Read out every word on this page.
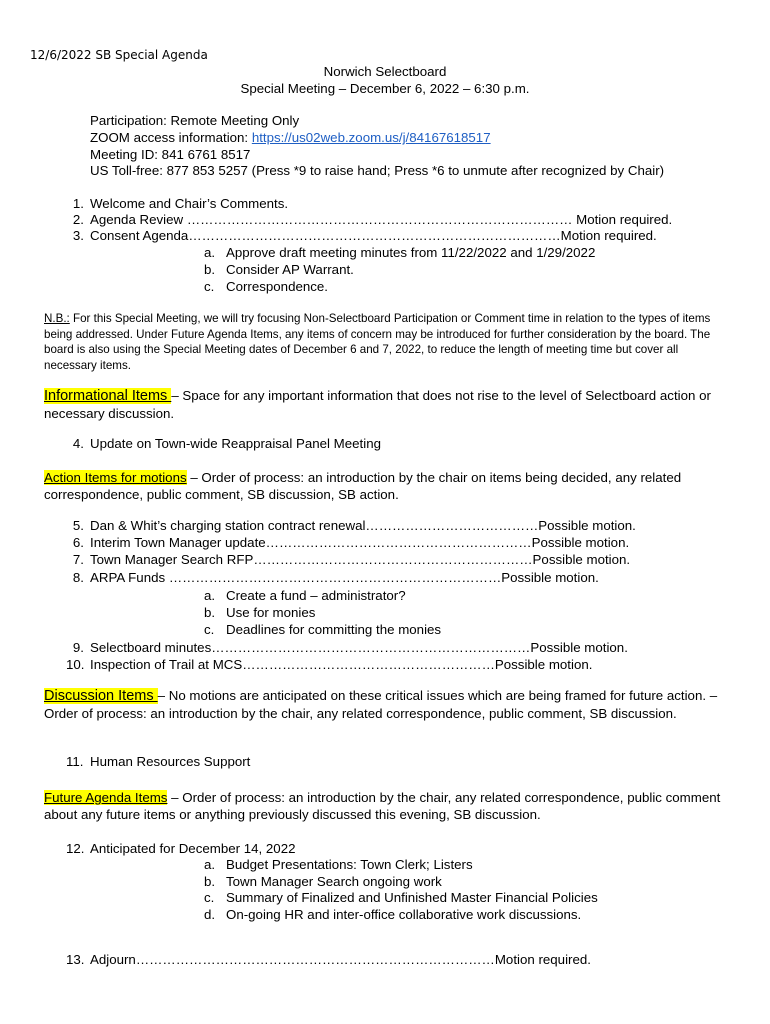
12/6/2022 SB Special Agenda
Norwich Selectboard
Special Meeting – December 6, 2022 – 6:30 p.m.
Participation: Remote Meeting Only
ZOOM access information: https://us02web.zoom.us/j/84167618517
Meeting ID: 841 6761 8517
US Toll-free: 877 853 5257 (Press *9 to raise hand; Press *6 to unmute after recognized by Chair)
1. Welcome and Chair’s Comments.
2. Agenda Review …………………………………………………………………………… Motion required.
3. Consent Agenda…………………………………………………………………………Motion required.
a. Approve draft meeting minutes from 11/22/2022 and 1/29/2022
b. Consider AP Warrant.
c. Correspondence.
N.B.: For this Special Meeting, we will try focusing Non-Selectboard Participation or Comment time in relation to the types of items being addressed. Under Future Agenda Items, any items of concern may be introduced for further consideration by the board. The board is also using the Special Meeting dates of December 6 and 7, 2022, to reduce the length of meeting time but cover all necessary items.
Informational Items – Space for any important information that does not rise to the level of Selectboard action or necessary discussion.
4. Update on Town-wide Reappraisal Panel Meeting
Action Items for motions – Order of process: an introduction by the chair on items being decided, any related correspondence, public comment, SB discussion, SB action.
5. Dan & Whit’s charging station contract renewal…………………………………Possible motion.
6. Interim Town Manager update……………………………………………………Possible motion.
7. Town Manager Search RFP………………………………………………………Possible motion.
8. ARPA Funds …………………………………………………………………Possible motion.
a. Create a fund – administrator?
b. Use for monies
c. Deadlines for committing the monies
9. Selectboard minutes………………………………………………………………Possible motion.
10. Inspection of Trail at MCS…………………………………………………Possible motion.
Discussion Items – No motions are anticipated on these critical issues which are being framed for future action. – Order of process: an introduction by the chair, any related correspondence, public comment, SB discussion.
11. Human Resources Support
Future Agenda Items – Order of process: an introduction by the chair, any related correspondence, public comment about any future items or anything previously discussed this evening, SB discussion.
12. Anticipated for December 14, 2022
a. Budget Presentations: Town Clerk; Listers
b. Town Manager Search ongoing work
c. Summary of Finalized and Unfinished Master Financial Policies
d. On-going HR and inter-office collaborative work discussions.
13. Adjourn………………………………………………………………………Motion required.
